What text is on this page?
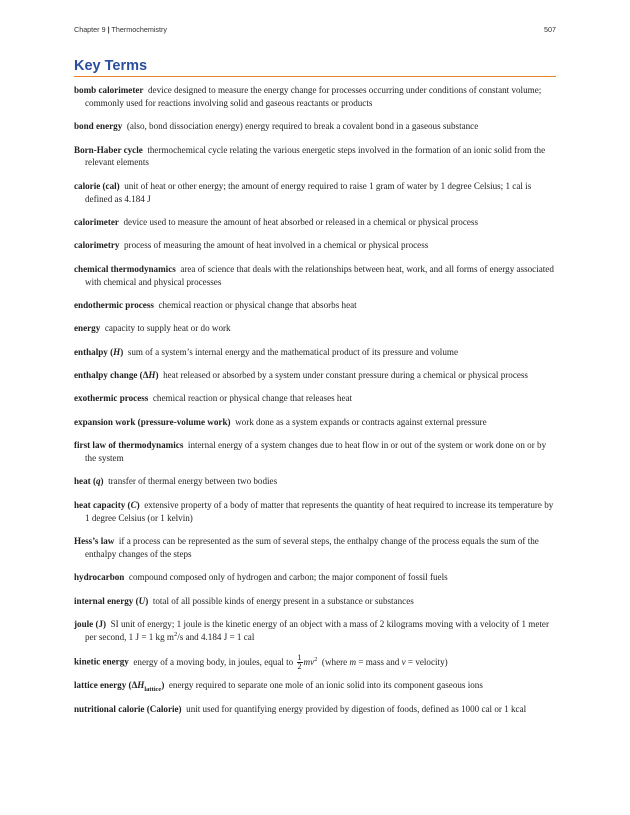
Chapter 9 | Thermochemistry	507
Key Terms

bomb calorimeter device designed to measure the energy change for processes occurring under conditions of constant volume; commonly used for reactions involving solid and gaseous reactants or products

bond energy (also, bond dissociation energy) energy required to break a covalent bond in a gaseous substance

Born-Haber cycle thermochemical cycle relating the various energetic steps involved in the formation of an ionic solid from the relevant elements

calorie (cal) unit of heat or other energy; the amount of energy required to raise 1 gram of water by 1 degree Celsius; 1 cal is defined as 4.184 J

calorimeter device used to measure the amount of heat absorbed or released in a chemical or physical process

calorimetry process of measuring the amount of heat involved in a chemical or physical process

chemical thermodynamics area of science that deals with the relationships between heat, work, and all forms of energy associated with chemical and physical processes

endothermic process chemical reaction or physical change that absorbs heat

energy capacity to supply heat or do work

enthalpy (H) sum of a system’s internal energy and the mathematical product of its pressure and volume

enthalpy change (ΔH) heat released or absorbed by a system under constant pressure during a chemical or physical process

exothermic process chemical reaction or physical change that releases heat

expansion work (pressure-volume work) work done as a system expands or contracts against external pressure

first law of thermodynamics internal energy of a system changes due to heat flow in or out of the system or work done on or by the system

heat (q) transfer of thermal energy between two bodies

heat capacity (C) extensive property of a body of matter that represents the quantity of heat required to increase its temperature by 1 degree Celsius (or 1 kelvin)

Hess’s law if a process can be represented as the sum of several steps, the enthalpy change of the process equals the sum of the enthalpy changes of the steps

hydrocarbon compound composed only of hydrogen and carbon; the major component of fossil fuels

internal energy (U) total of all possible kinds of energy present in a substance or substances

joule (J) SI unit of energy; 1 joule is the kinetic energy of an object with a mass of 2 kilograms moving with a velocity of 1 meter per second, 1 J = 1 kg $m^2/s$ and 4.184 J = 1 cal

kinetic energy energy of a moving body, in joules, equal to $\frac{1}{2} mv^2$ (where m = mass and v = velocity)

lattice energy $(\Delta H_{lattice})$ energy required to separate one mole of an ionic solid into its component gaseous ions

nutritional calorie (Calorie) unit used for quantifying energy provided by digestion of foods, defined as 1000 cal or 1 kcal
